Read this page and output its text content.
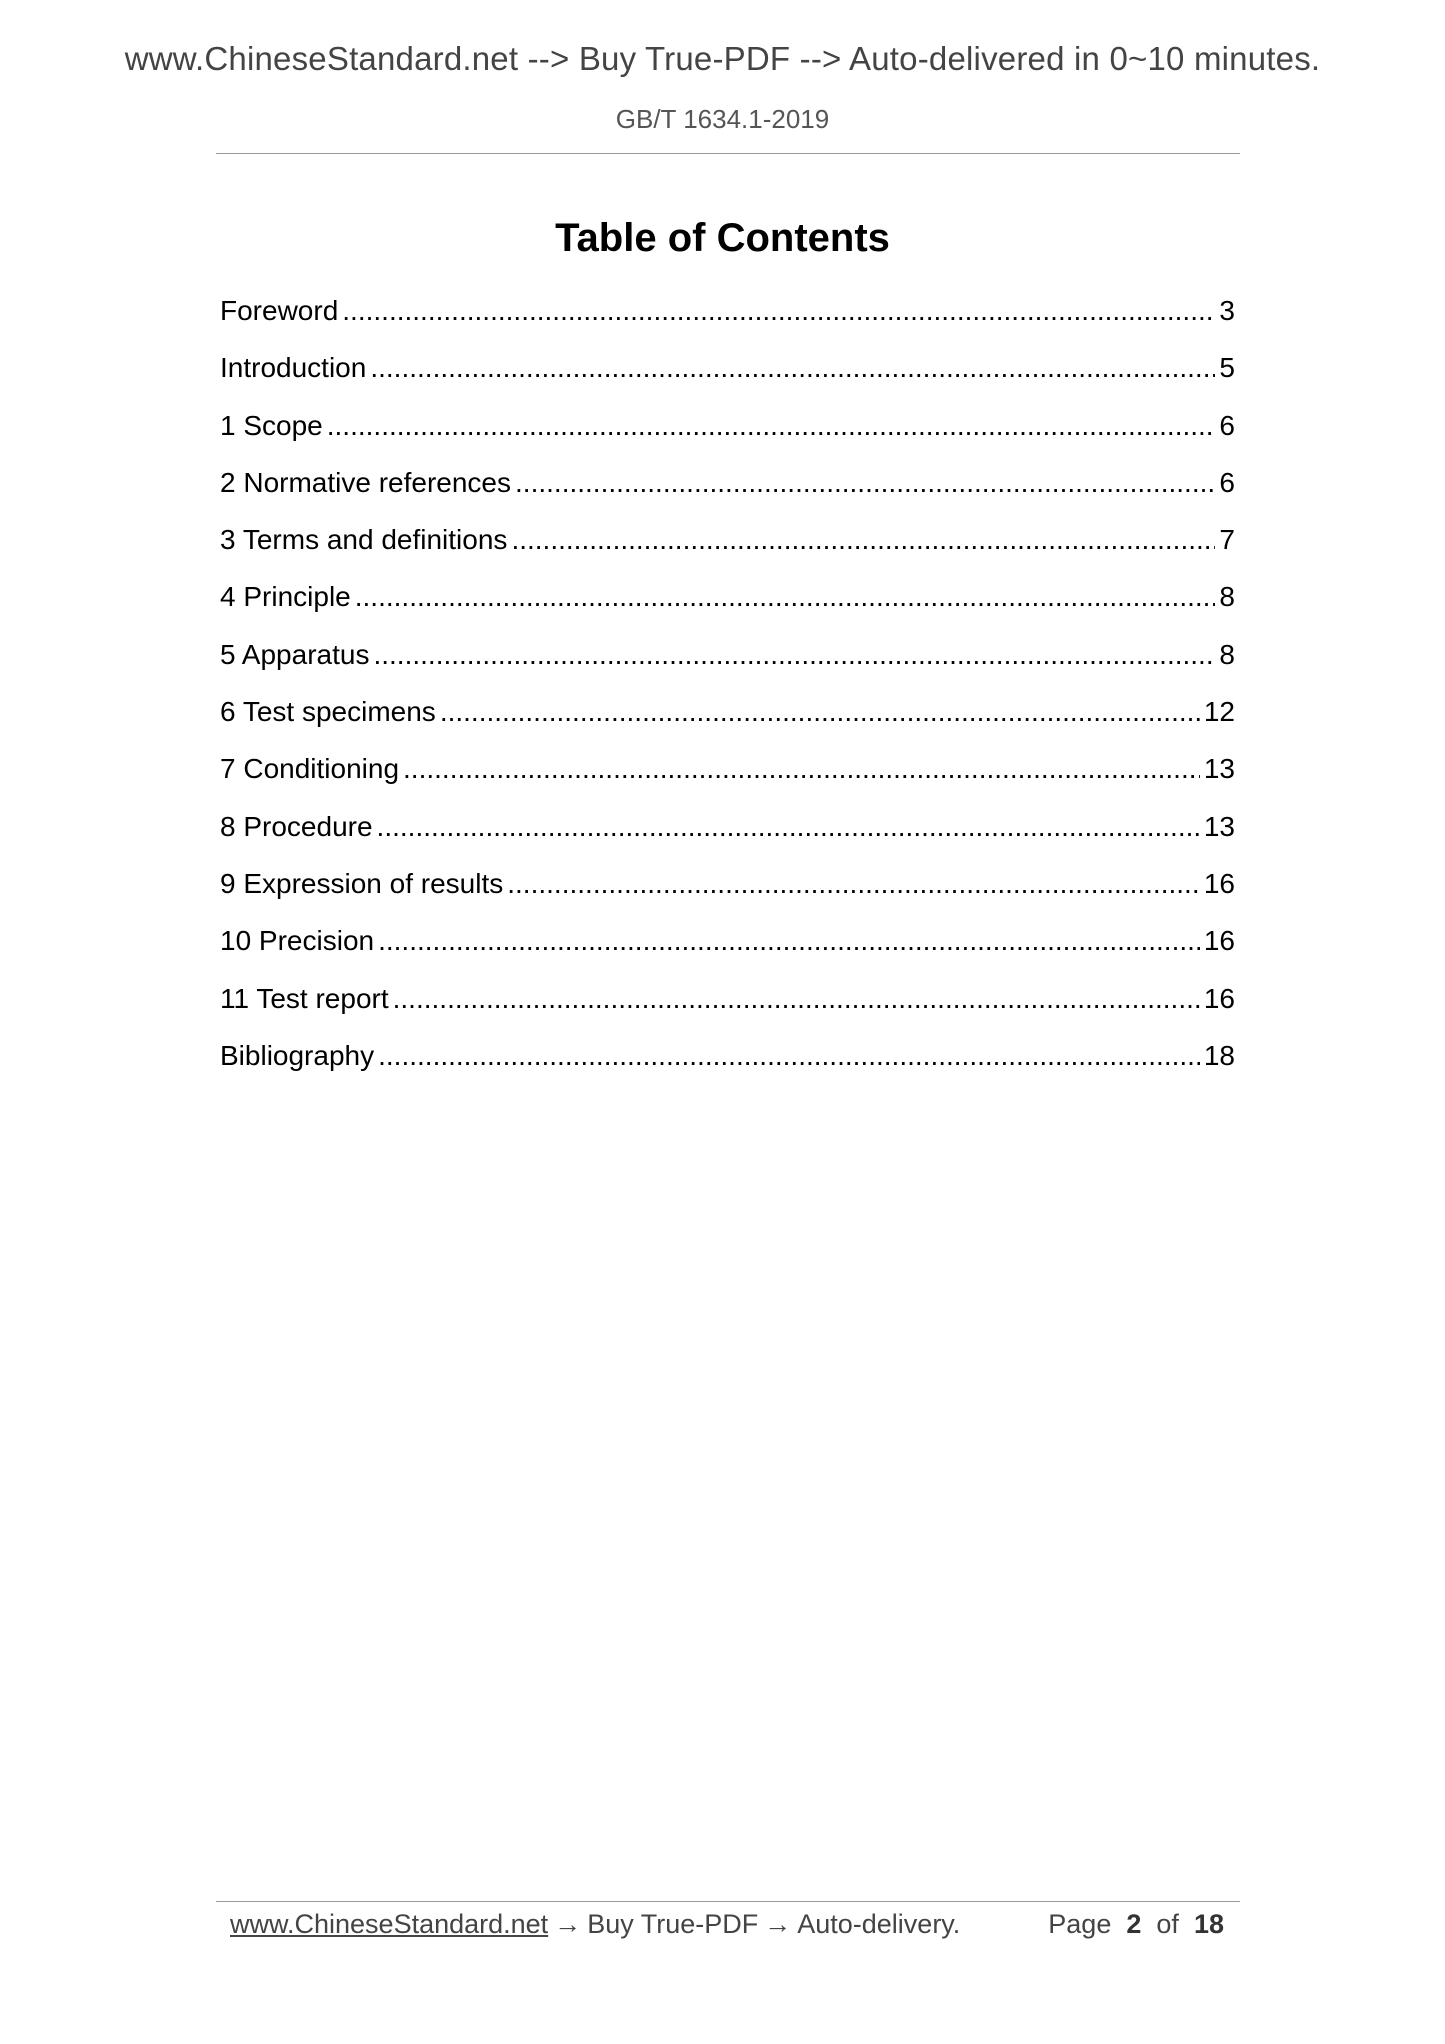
www.ChineseStandard.net --> Buy True-PDF --> Auto-delivered in 0~10 minutes.
GB/T 1634.1-2019
Table of Contents
Foreword .....	3
Introduction .....	5
1 Scope .....	6
2 Normative references .....	6
3 Terms and definitions .....	7
4 Principle .....	8
5 Apparatus .....	8
6 Test specimens .....	12
7 Conditioning .....	13
8 Procedure .....	13
9 Expression of results .....	16
10 Precision .....	16
11 Test report .....	16
Bibliography .....	18
www.ChineseStandard.net → Buy True-PDF → Auto-delivery.	Page 2 of 18
